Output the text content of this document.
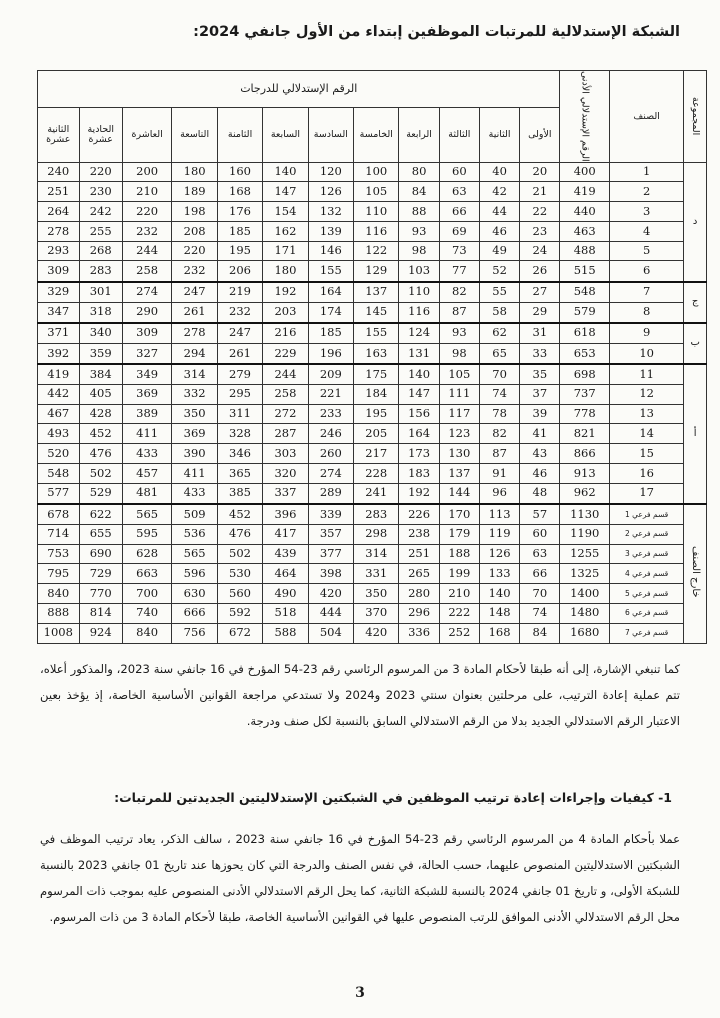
الشبكة الإستدلالية للمرتبات الموظفين إبتداء من الأول جانفي 2024:
المجموعة	الصنف	الرقم الإستدلالي الأدنى	الرقم الإستدلالي للدرجات											
			الأولى	الثانية	الثالثة	الرابعة	الخامسة	السادسة	السابعة	الثامنة	التاسعة	العاشرة	الحادية عشرة	الثانية عشرة
د	1	400	20	40	60	80	100	120	140	160	180	200	220	240
	2	419	21	42	63	84	105	126	147	168	189	210	230	251
	3	440	22	44	66	88	110	132	154	176	198	220	242	264
	4	463	23	46	69	93	116	139	162	185	208	232	255	278
	5	488	24	49	73	98	122	146	171	195	220	244	268	293
	6	515	26	52	77	103	129	155	180	206	232	258	283	309
ج	7	548	27	55	82	110	137	164	192	219	247	274	301	329
	8	579	29	58	87	116	145	174	203	232	261	290	318	347
ب	9	618	31	62	93	124	155	185	216	247	278	309	340	371
	10	653	33	65	98	131	163	196	229	261	294	327	359	392
أ	11	698	35	70	105	140	175	209	244	279	314	349	384	419
	12	737	37	74	111	147	184	221	258	295	332	369	405	442
	13	778	39	78	117	156	195	233	272	311	350	389	428	467
	14	821	41	82	123	164	205	246	287	328	369	411	452	493
	15	866	43	87	130	173	217	260	303	346	390	433	476	520
	16	913	46	91	137	183	228	274	320	365	411	457	502	548
	17	962	48	96	144	192	241	289	337	385	433	481	529	577
خارج الصنف	قسم فرعي 1	1130	57	113	170	226	283	339	396	452	509	565	622	678
	قسم فرعي 2	1190	60	119	179	238	298	357	417	476	536	595	655	714
	قسم فرعي 3	1255	63	126	188	251	314	377	439	502	565	628	690	753
	قسم فرعي 4	1325	66	133	199	265	331	398	464	530	596	663	729	795
	قسم فرعي 5	1400	70	140	210	280	350	420	490	560	630	700	770	840
	قسم فرعي 6	1480	74	148	222	296	370	444	518	592	666	740	814	888
	قسم فرعي 7	1680	84	168	252	336	420	504	588	672	756	840	924	1008

كما تنبغي الإشارة، إلى أنه طبقا لأحكام المادة 3 من المرسوم الرئاسي رقم 23-54 المؤرخ في 16 جانفي سنة 2023، والمذكور أعلاه، تتم عملية إعادة الترتيب، على مرحلتين بعنوان سنتي 2023 و2024 ولا تستدعي مراجعة القوانين الأساسية الخاصة، إذ يؤخذ بعين الاعتبار الرقم الاستدلالي الجديد بدلا من الرقم الاستدلالي السابق بالنسبة لكل صنف ودرجة.

1- كيفيات وإجراءات إعادة ترتيب الموظفين في الشبكتين الإستدلاليتين الجديدتين للمرتبات:

عملا بأحكام المادة 4 من المرسوم الرئاسي رقم 23-54 المؤرخ في 16 جانفي سنة 2023 ، سالف الذكر، يعاد ترتيب الموظف في الشبكتين الاستدلاليتين المنصوص عليهما، حسب الحالة، في نفس الصنف والدرجة التي كان يحوزها عند تاريخ 01 جانفي 2023 بالنسبة للشبكة الأولى، و تاريخ 01 جانفي 2024 بالنسبة للشبكة الثانية، كما يحل الرقم الاستدلالي الأدنى المنصوص عليه بموجب ذات المرسوم محل الرقم الاستدلالي الأدنى الموافق للرتب المنصوص عليها في القوانين الأساسية الخاصة، طبقا لأحكام المادة 3 من ذات المرسوم.

3
